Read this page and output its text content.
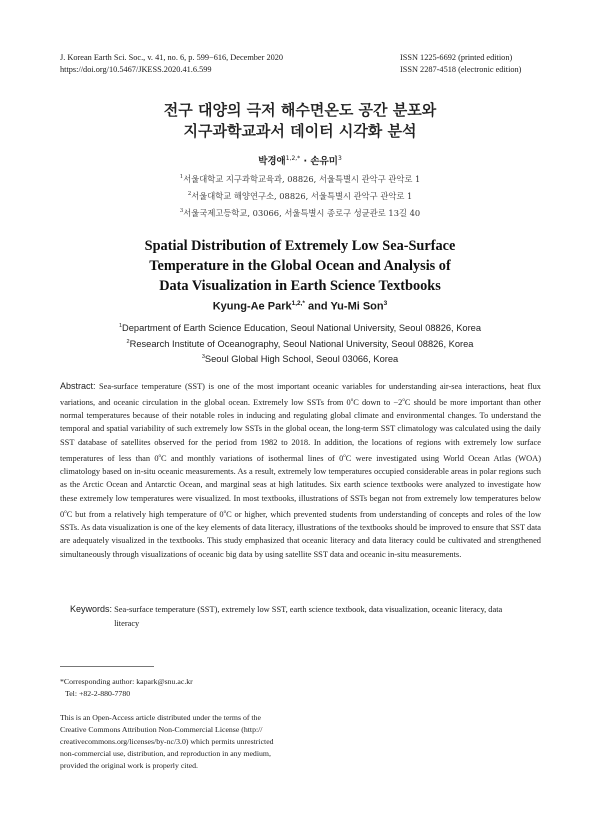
J. Korean Earth Sci. Soc., v. 41, no. 6, p. 599−616, December 2020
https://doi.org/10.5467/JKESS.2020.41.6.599
ISSN 1225-6692 (printed edition)
ISSN 2287-4518 (electronic edition)
전구 대양의 극저 해수면온도 공간 분포와
지구과학교과서 데이터 시각화 분석
박경애$^{1,2,*}$ · 손유미$^3$
$^1$서울대학교 지구과학교육과, 08826, 서울특별시 관악구 관악로 1
$^2$서울대학교 해양연구소, 08826, 서울특별시 관악구 관악로 1
$^3$서울국제고등학교, 03066, 서울특별시 종로구 성균관로 13길 40
Spatial Distribution of Extremely Low Sea-Surface
Temperature in the Global Ocean and Analysis of
Data Visualization in Earth Science Textbooks
Kyung-Ae Park$^{1,2,*}$ and Yu-Mi Son$^3$
$^1$Department of Earth Science Education, Seoul National University, Seoul 08826, Korea
$^2$Research Institute of Oceanography, Seoul National University, Seoul 08826, Korea
$^3$Seoul Global High School, Seoul 03066, Korea
Abstract: Sea-surface temperature (SST) is one of the most important oceanic variables for understanding air-sea interactions, heat flux variations, and oceanic circulation in the global ocean. Extremely low SSTs from 0$^o$C down to $-2^oC$ should be more important than other normal temperatures because of their notable roles in inducing and regulating global climate and environmental changes. To understand the temporal and spatial variability of such extremely low SSTs in the global ocean, the long-term SST climatology was calculated using the daily SST database of satellites observed for the period from 1982 to 2018. In addition, the locations of regions with extremely low surface temperatures of less than 0$^o$C and monthly variations of isothermal lines of 0$^o$C were investigated using World Ocean Atlas (WOA) climatology based on in-situ oceanic measurements. As a result, extremely low temperatures occupied considerable areas in polar regions such as the Arctic Ocean and Antarctic Ocean, and marginal seas at high latitudes. Six earth science textbooks were analyzed to investigate how these extremely low temperatures were visualized. In most textbooks, illustrations of SSTs began not from extremely low temperatures below 0$^o$C but from a relatively high temperature of 0$^o$C or higher, which prevented students from understanding of concepts and roles of the low SSTs. As data visualization is one of the key elements of data literacy, illustrations of the textbooks should be improved to ensure that SST data are adequately visualized in the textbooks. This study emphasized that oceanic literacy and data literacy could be cultivated and strengthened simultaneously through visualizations of oceanic big data by using satellite SST data and oceanic in-situ measurements.
Keywords: Sea-surface temperature (SST), extremely low SST, earth science textbook, data visualization, oceanic literacy, data literacy
*Corresponding author: kapark@snu.ac.kr
Tel: +82-2-880-7780
This is an Open-Access article distributed under the terms of the
Creative Commons Attribution Non-Commercial License (http://
creativecommons.org/licenses/by-nc/3.0) which permits unrestricted
non-commercial use, distribution, and reproduction in any medium,
provided the original work is properly cited.
